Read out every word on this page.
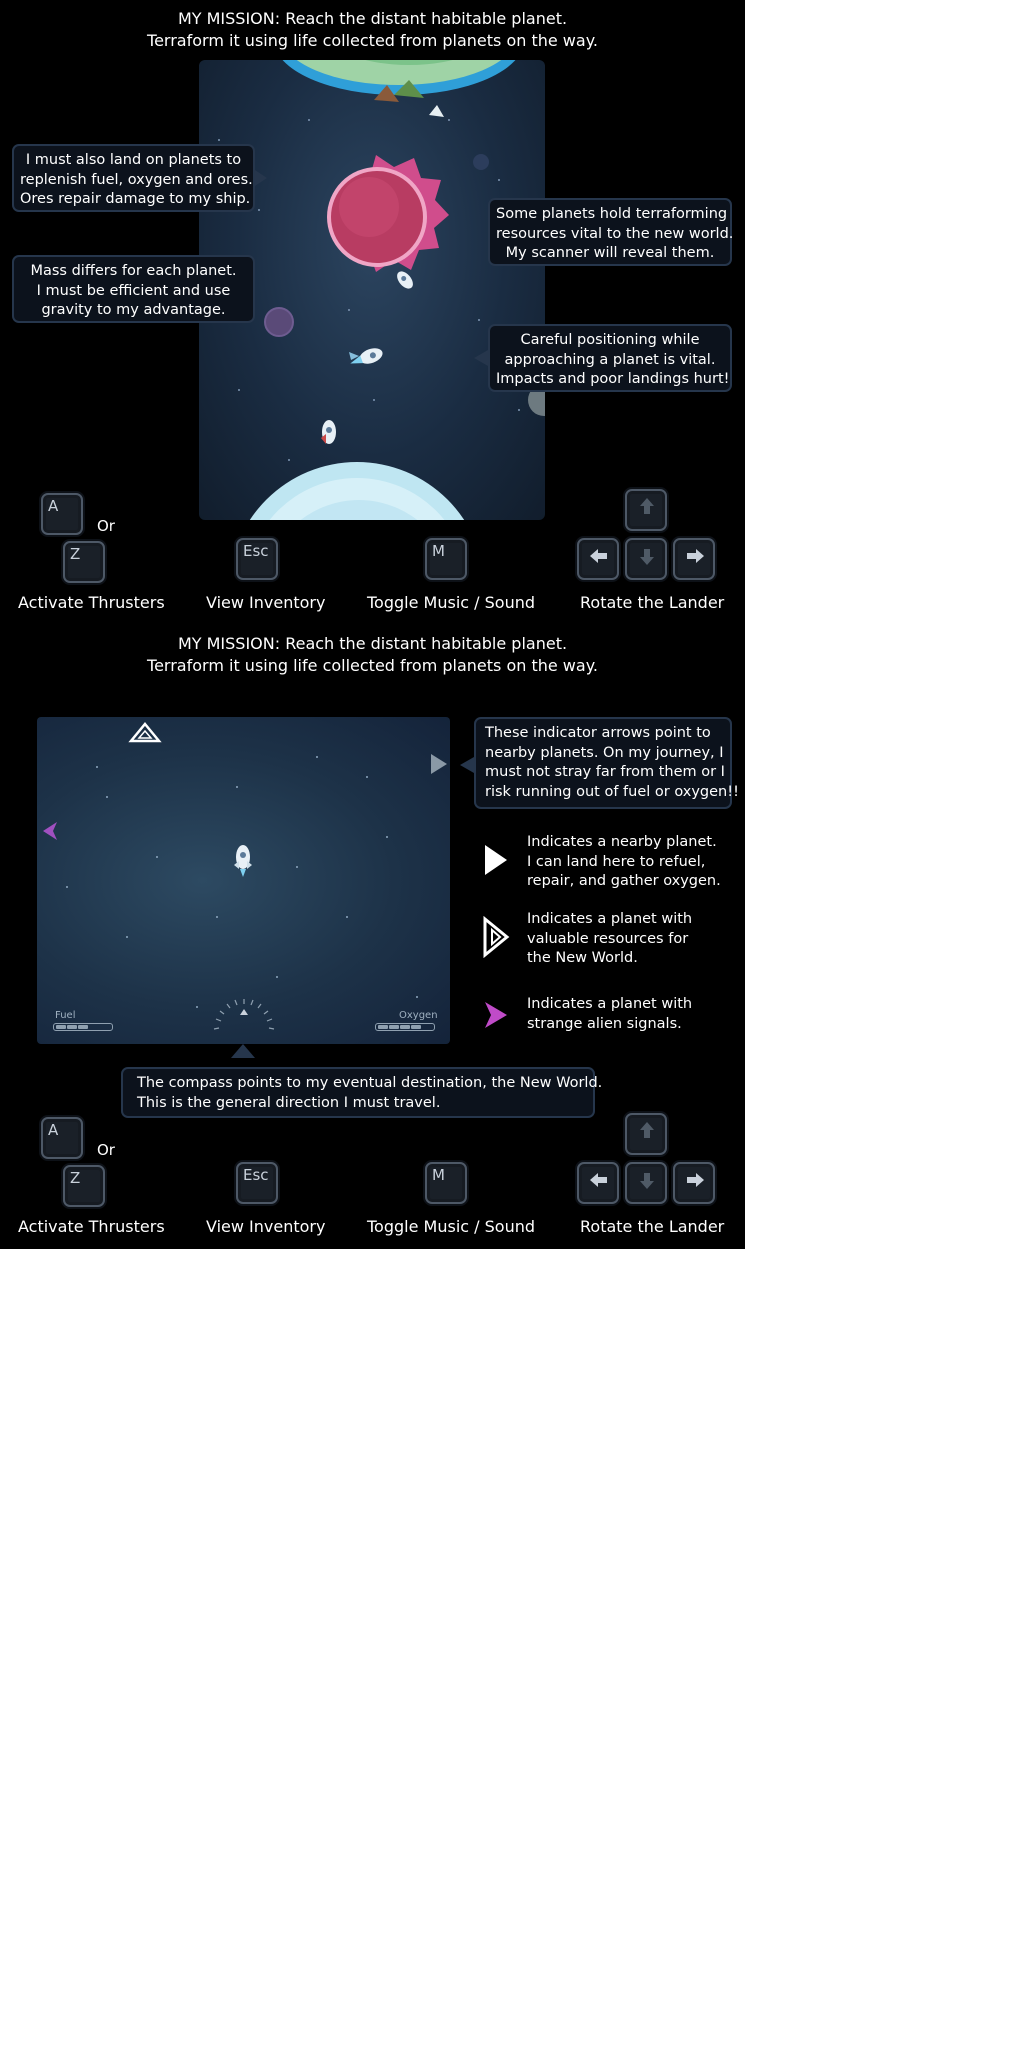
MY MISSION: Reach the distant habitable planet.
Terraform it using life collected from planets on the way.
I must also land on planets to
replenish fuel, oxygen and ores.
Ores repair damage to my ship.
Mass differs for each planet.
I must be efficient and use
gravity to my advantage.
Some planets hold terraforming
resources vital to the new world.
My scanner will reveal them.
Careful positioning while
approaching a planet is vital.
Impacts and poor landings hurt!
A
Or
Z
Activate Thrusters
Esc
View Inventory
M
Toggle Music / Sound	Rotate the Lander
MY MISSION: Reach the distant habitable planet.
Terraform it using life collected from planets on the way.
Fuel	Oxygen
These indicator arrows point to
nearby planets. On my journey, I
must not stray far from them or I
risk running out of fuel or oxygen!!
Indicates a nearby planet.
I can land here to refuel,
repair, and gather oxygen.
Indicates a planet with
valuable resources for
the New World.
Indicates a planet with
strange alien signals.
The compass points to my eventual destination, the New World.
This is the general direction I must travel.
A
Or
Z
Activate Thrusters
Esc
View Inventory
M
Toggle Music / Sound	Rotate the Lander
